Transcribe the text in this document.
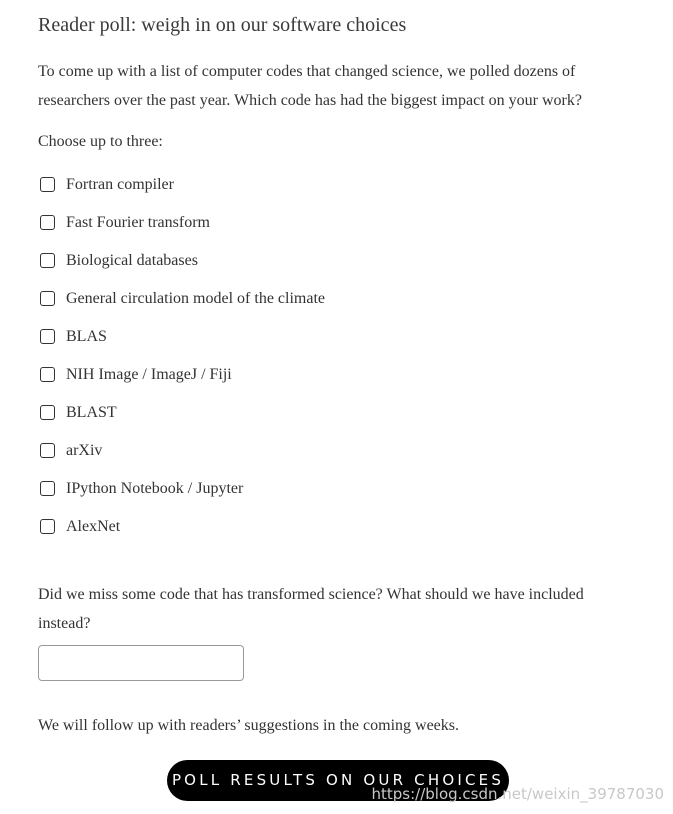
Reader poll: weigh in on our software choices

To come up with a list of computer codes that changed science, we polled dozens of researchers over the past year. Which code has had the biggest impact on your work?

Choose up to three:

Fortran compiler
Fast Fourier transform
Biological databases
General circulation model of the climate
BLAS
NIH Image / ImageJ / Fiji
BLAST
arXiv
IPython Notebook / Jupyter
AlexNet

Did we miss some code that has transformed science? What should we have included instead?

We will follow up with readers’ suggestions in the coming weeks.

POLL RESULTS ON OUR CHOICES
https://blog.csdn.net/weixin_39787030
